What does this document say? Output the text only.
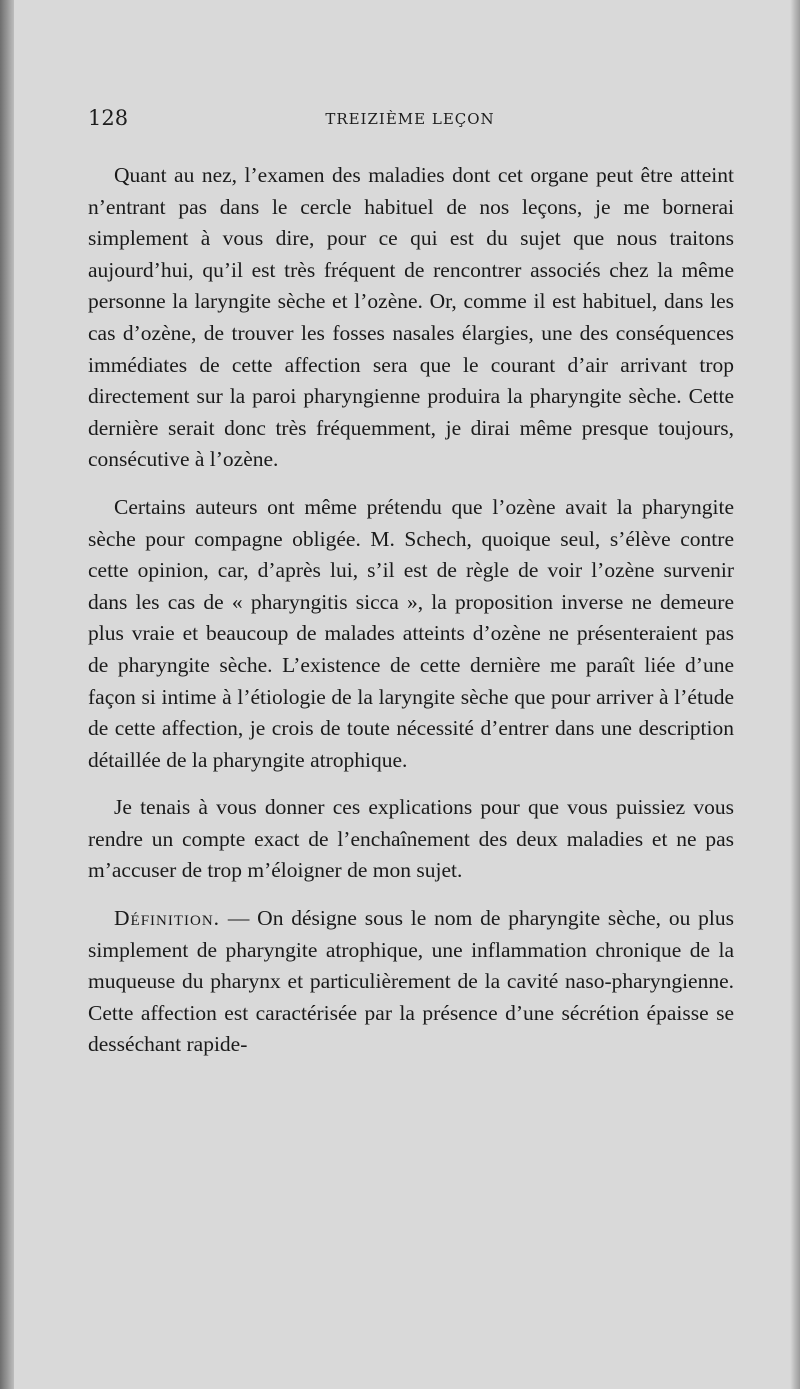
128	TREIZIÈME LEÇON

Quant au nez, l’examen des maladies dont cet organe peut être atteint n’entrant pas dans le cercle habituel de nos leçons, je me bornerai simplement à vous dire, pour ce qui est du sujet que nous traitons aujourd’hui, qu’il est très fréquent de rencontrer associés chez la même personne la laryngite sèche et l’ozène. Or, comme il est habituel, dans les cas d’ozène, de trouver les fosses nasales élargies, une des conséquences immédiates de cette affection sera que le courant d’air arrivant trop directement sur la paroi pharyngienne produira la pharyngite sèche. Cette dernière serait donc très fréquemment, je dirai même presque toujours, consécutive à l’ozène.

Certains auteurs ont même prétendu que l’ozène avait la pharyngite sèche pour compagne obligée. M. Schech, quoique seul, s’élève contre cette opinion, car, d’après lui, s’il est de règle de voir l’ozène survenir dans les cas de « pharyngitis sicca », la proposition inverse ne demeure plus vraie et beaucoup de malades atteints d’ozène ne présenteraient pas de pharyngite sèche. L’existence de cette dernière me paraît liée d’une façon si intime à l’étiologie de la laryngite sèche que pour arriver à l’étude de cette affection, je crois de toute nécessité d’entrer dans une description détaillée de la pharyngite atrophique.

Je tenais à vous donner ces explications pour que vous puissiez vous rendre un compte exact de l’enchaînement des deux maladies et ne pas m’accuser de trop m’éloigner de mon sujet.

Définition. — On désigne sous le nom de pharyngite sèche, ou plus simplement de pharyngite atrophique, une inflammation chronique de la muqueuse du pharynx et particulièrement de la cavité naso-pharyngienne. Cette affection est caractérisée par la présence d’une sécrétion épaisse se desséchant rapide-
